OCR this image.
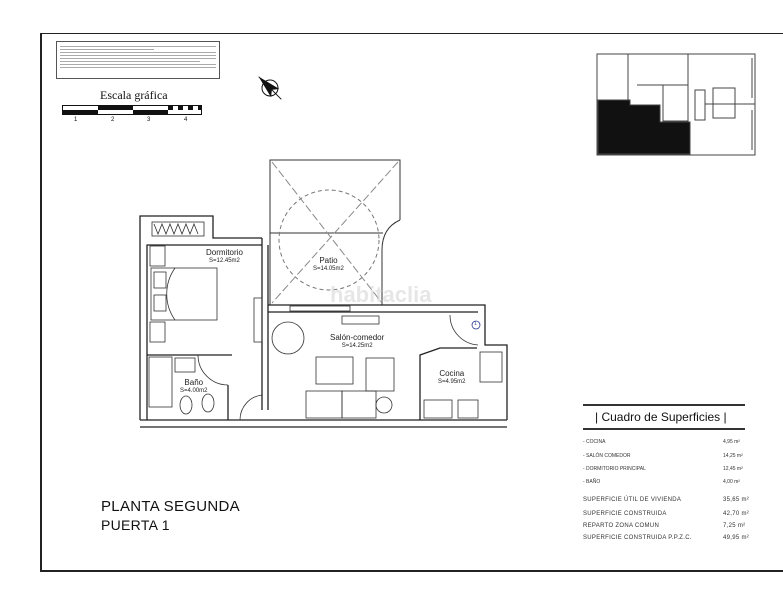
Escala gráfica
1	2	3	4
habitaclia
Dormitorio
S=12.45m2	Patio
S=14.05m2
Salón-comedor
S=14.25m2
Cocina
S=4.95m2
Baño
S=4.00m2
1
PLANTA SEGUNDA
PUERTA 1
| Cuadro de Superficies |
- COCINA	4,95 m²
- SALÓN COMEDOR	14,25 m²
- DORMITORIO PRINCIPAL	12,45 m²
- BAÑO	4,00 m²
SUPERFICIE ÚTIL DE VIVIENDA	35,65 m²
SUPERFICIE CONSTRUIDA	42,70 m²
REPARTO ZONA COMUN	7,25 m²
SUPERFICIE CONSTRUIDA P.P.Z.C.	49,95 m²
